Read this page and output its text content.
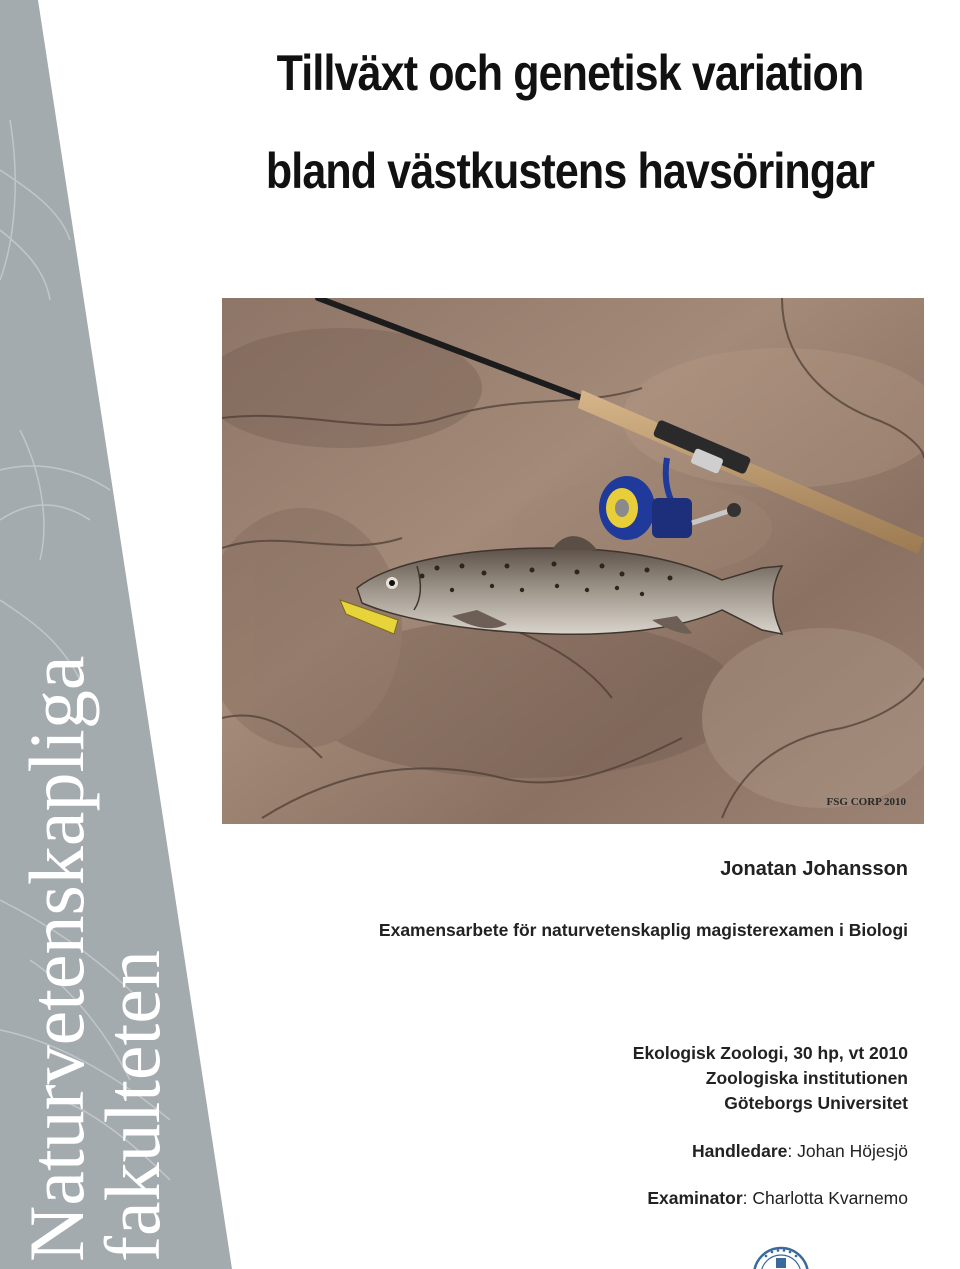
Naturvetenskapliga
fakulteten
Tillväxt och genetisk variation
bland västkustens havsöringar
FSG CORP 2010
Jonatan Johansson
Examensarbete för naturvetenskaplig magisterexamen i Biologi
Ekologisk Zoologi, 30 hp, vt 2010
Zoologiska institutionen
Göteborgs Universitet
Handledare: Johan Höjesjö
Examinator: Charlotta Kvarnemo
